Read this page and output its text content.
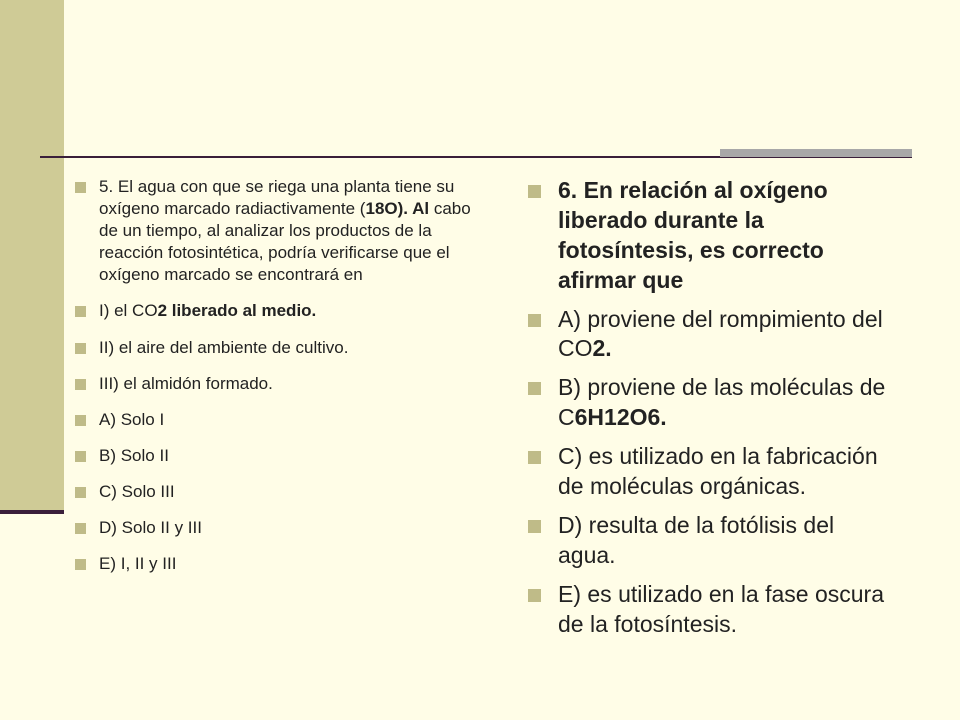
5. El agua con que se riega una planta tiene su oxígeno marcado radiactivamente (18O). Al cabo de un tiempo, al analizar los productos de la reacción fotosintética, podría verificarse que el oxígeno marcado se encontrará en
I) el CO2 liberado al medio.
II) el aire del ambiente de cultivo.
III) el almidón formado.
A) Solo I
B) Solo II
C) Solo III
D) Solo II y III
E) I, II y III
6. En relación al oxígeno liberado durante la fotosíntesis, es correcto afirmar que
A) proviene del rompimiento del CO2.
B) proviene de las moléculas de C6H12O6.
C) es utilizado en la fabricación de moléculas orgánicas.
D) resulta de la fotólisis del agua.
E) es utilizado en la fase oscura de la fotosíntesis.
